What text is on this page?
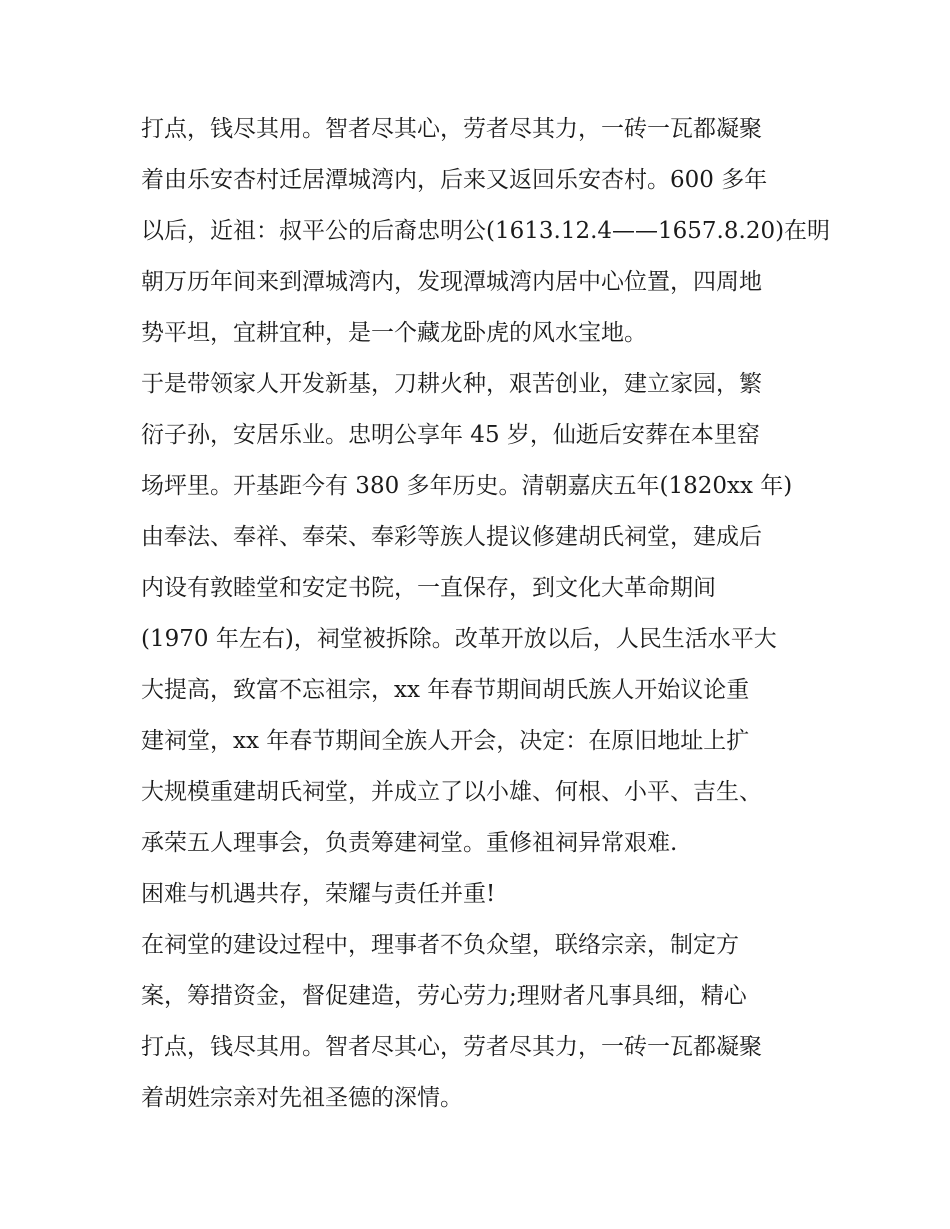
打点，钱尽其用。智者尽其心，劳者尽其力，一砖一瓦都凝聚
着由乐安杏村迁居潭城湾内，后来又返回乐安杏村。600 多年
以后，近祖：叔平公的后裔忠明公(1613.12.4——1657.8.20)在明
朝万历年间来到潭城湾内，发现潭城湾内居中心位置，四周地
势平坦，宜耕宜种，是一个藏龙卧虎的风水宝地。
于是带领家人开发新基，刀耕火种，艰苦创业，建立家园，繁
衍子孙，安居乐业。忠明公享年 45 岁，仙逝后安葬在本里窑
场坪里。开基距今有 380 多年历史。清朝嘉庆五年(1820xx 年)
由奉法、奉祥、奉荣、奉彩等族人提议修建胡氏祠堂，建成后
内设有敦睦堂和安定书院，一直保存，到文化大革命期间
(1970 年左右)，祠堂被拆除。改革开放以后，人民生活水平大
大提高，致富不忘祖宗，xx 年春节期间胡氏族人开始议论重
建祠堂，xx 年春节期间全族人开会，决定：在原旧地址上扩
大规模重建胡氏祠堂，并成立了以小雄、何根、小平、吉生、
承荣五人理事会，负责筹建祠堂。重修祖祠异常艰难.
困难与机遇共存，荣耀与责任并重!
在祠堂的建设过程中，理事者不负众望，联络宗亲，制定方
案，筹措资金，督促建造，劳心劳力;理财者凡事具细，精心
打点，钱尽其用。智者尽其心，劳者尽其力，一砖一瓦都凝聚
着胡姓宗亲对先祖圣德的深情。
